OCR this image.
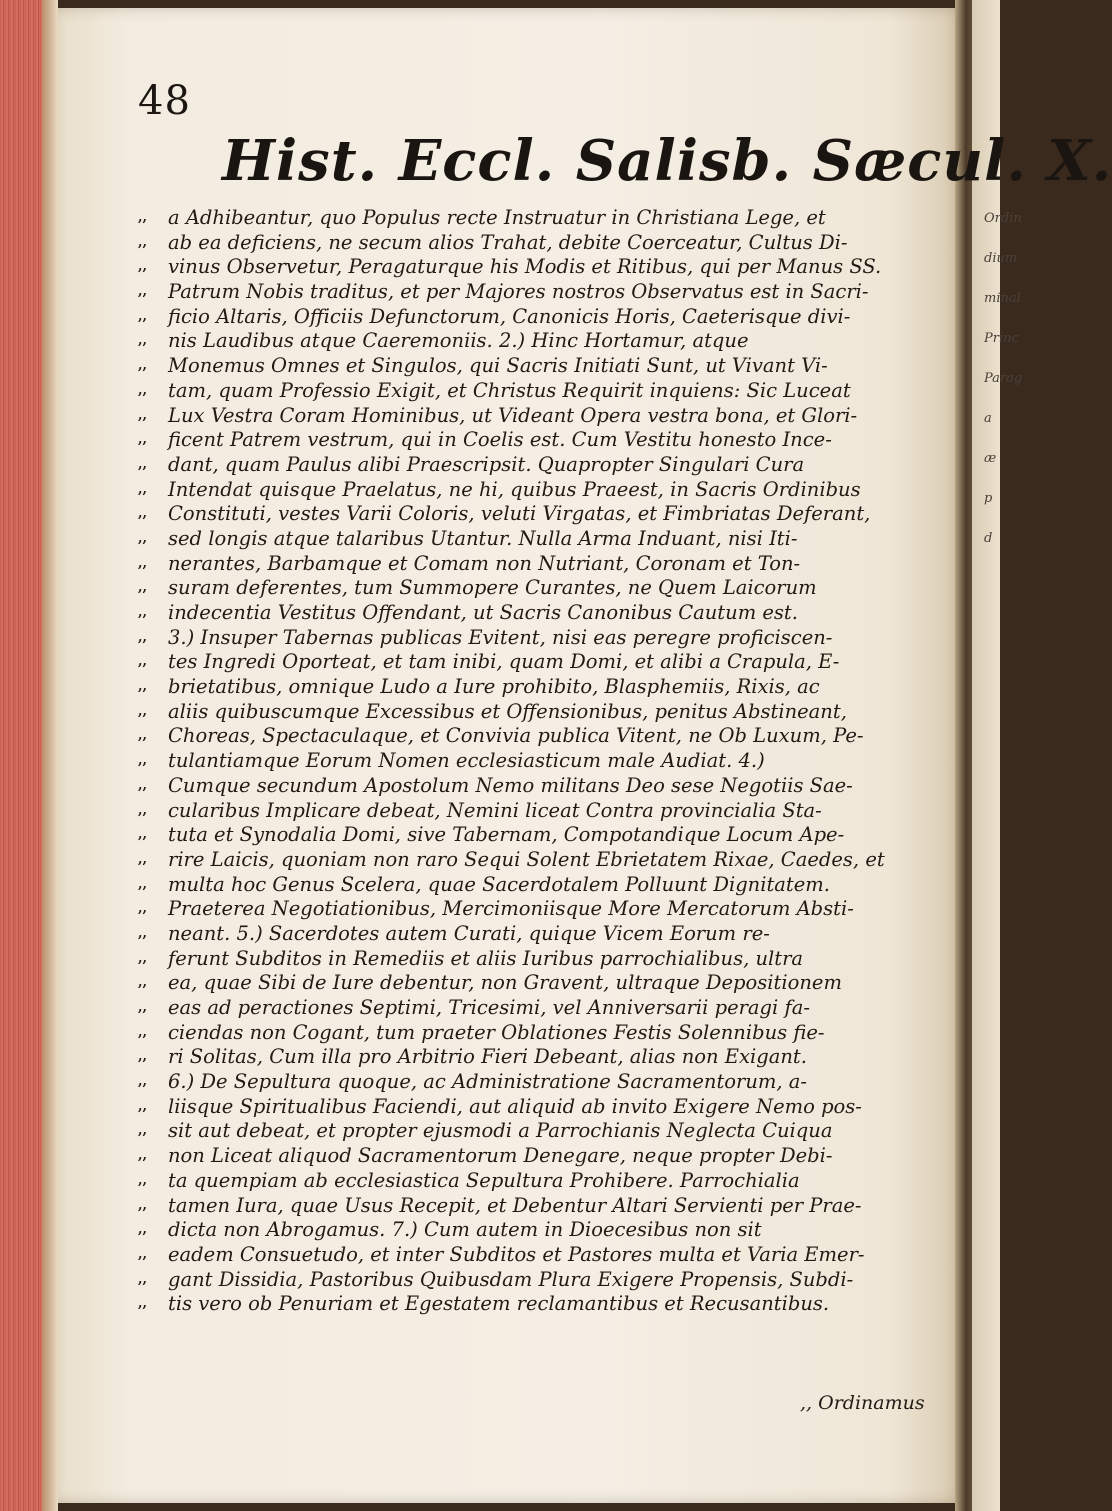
Ordin
dium
minal
Princ
Parag
a
æ
p
d
48
Hist. Eccl. Salisb. Sæcul. X.
,,	a Adhibeantur, quo Populus recte Instruatur in Christiana Lege, et
,,	ab ea deficiens, ne secum alios Trahat, debite Coerceatur, Cultus Di-
,,	vinus Observetur, Peragaturque his Modis et Ritibus, qui per Manus SS.
,,	Patrum Nobis traditus, et per Majores nostros Observatus est in Sacri-
,,	ficio Altaris, Officiis Defunctorum, Canonicis Horis, Caeterisque divi-
,,	nis Laudibus atque Caeremoniis. 2.) Hinc Hortamur, atque
,,	Monemus Omnes et Singulos, qui Sacris Initiati Sunt, ut Vivant Vi-
,,	tam, quam Professio Exigit, et Christus Requirit inquiens: Sic Luceat
,,	Lux Vestra Coram Hominibus, ut Videant Opera vestra bona, et Glori-
,,	ficent Patrem vestrum, qui in Coelis est. Cum Vestitu honesto Ince-
,,	dant, quam Paulus alibi Praescripsit. Quapropter Singulari Cura
,,	Intendat quisque Praelatus, ne hi, quibus Praeest, in Sacris Ordinibus
,,	Constituti, vestes Varii Coloris, veluti Virgatas, et Fimbriatas Deferant,
,,	sed longis atque talaribus Utantur. Nulla Arma Induant, nisi Iti-
,,	nerantes, Barbamque et Comam non Nutriant, Coronam et Ton-
,,	suram deferentes, tum Summopere Curantes, ne Quem Laicorum
,,	indecentia Vestitus Offendant, ut Sacris Canonibus Cautum est.
,,	3.) Insuper Tabernas publicas Evitent, nisi eas peregre proficiscen-
,,	tes Ingredi Oporteat, et tam inibi, quam Domi, et alibi a Crapula, E-
,,	brietatibus, omnique Ludo a Iure prohibito, Blasphemiis, Rixis, ac
,,	aliis quibuscumque Excessibus et Offensionibus, penitus Abstineant,
,,	Choreas, Spectaculaque, et Convivia publica Vitent, ne Ob Luxum, Pe-
,,	tulantiamque Eorum Nomen ecclesiasticum male Audiat. 4.)
,,	Cumque secundum Apostolum Nemo militans Deo sese Negotiis Sae-
,,	cularibus Implicare debeat, Nemini liceat Contra provincialia Sta-
,,	tuta et Synodalia Domi, sive Tabernam, Compotandique Locum Ape-
,,	rire Laicis, quoniam non raro Sequi Solent Ebrietatem Rixae, Caedes, et
,,	multa hoc Genus Scelera, quae Sacerdotalem Polluunt Dignitatem.
,,	Praeterea Negotiationibus, Mercimoniisque More Mercatorum Absti-
,,	neant. 5.) Sacerdotes autem Curati, quique Vicem Eorum re-
,,	ferunt Subditos in Remediis et aliis Iuribus parrochialibus, ultra
,,	ea, quae Sibi de Iure debentur, non Gravent, ultraque Depositionem
,,	eas ad peractiones Septimi, Tricesimi, vel Anniversarii peragi fa-
,,	ciendas non Cogant, tum praeter Oblationes Festis Solennibus fie-
,,	ri Solitas, Cum illa pro Arbitrio Fieri Debeant, alias non Exigant.
,,	6.) De Sepultura quoque, ac Administratione Sacramentorum, a-
,,	liisque Spiritualibus Faciendi, aut aliquid ab invito Exigere Nemo pos-
,,	sit aut debeat, et propter ejusmodi a Parrochianis Neglecta Cuiqua
,,	non Liceat aliquod Sacramentorum Denegare, neque propter Debi-
,,	ta quempiam ab ecclesiastica Sepultura Prohibere. Parrochialia
,,	tamen Iura, quae Usus Recepit, et Debentur Altari Servienti per Prae-
,,	dicta non Abrogamus. 7.) Cum autem in Dioecesibus non sit
,,	eadem Consuetudo, et inter Subditos et Pastores multa et Varia Emer-
,,	gant Dissidia, Pastoribus Quibusdam Plura Exigere Propensis, Subdi-
,,	tis vero ob Penuriam et Egestatem reclamantibus et Recusantibus.
,, Ordinamus
